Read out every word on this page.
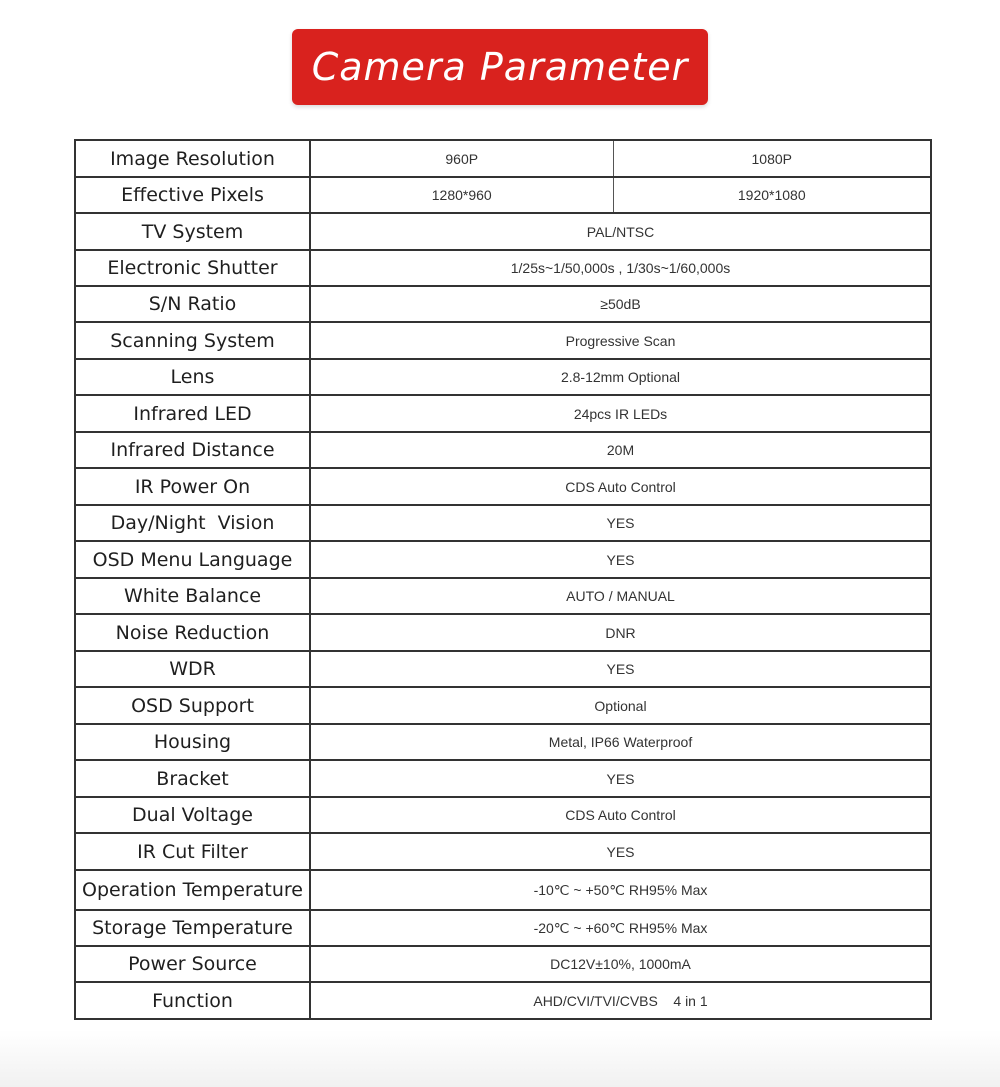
Camera Parameter
Image Resolution	960P	1080P
Effective Pixels	1280*960	1920*1080
TV System	PAL/NTSC	
Electronic Shutter	1/25s~1/50,000s , 1/30s~1/60,000s	
S/N Ratio	≥50dB	
Scanning System	Progressive Scan	
Lens	2.8-12mm Optional	
Infrared LED	24pcs IR LEDs	
Infrared Distance	20M	
IR Power On	CDS Auto Control	
Day/Night  Vision	YES	
OSD Menu Language	YES	
White Balance	AUTO / MANUAL	
Noise Reduction	DNR	
WDR	YES	
OSD Support	Optional	
Housing	Metal, IP66 Waterproof	
Bracket	YES	
Dual Voltage	CDS Auto Control	
IR Cut Filter	YES	
Operation Temperature	-10℃ ~ +50℃ RH95% Max	
Storage Temperature	-20℃ ~ +60℃ RH95% Max	
Power Source	DC12V±10%, 1000mA	
Function	AHD/CVI/TVI/CVBS    4 in 1	
